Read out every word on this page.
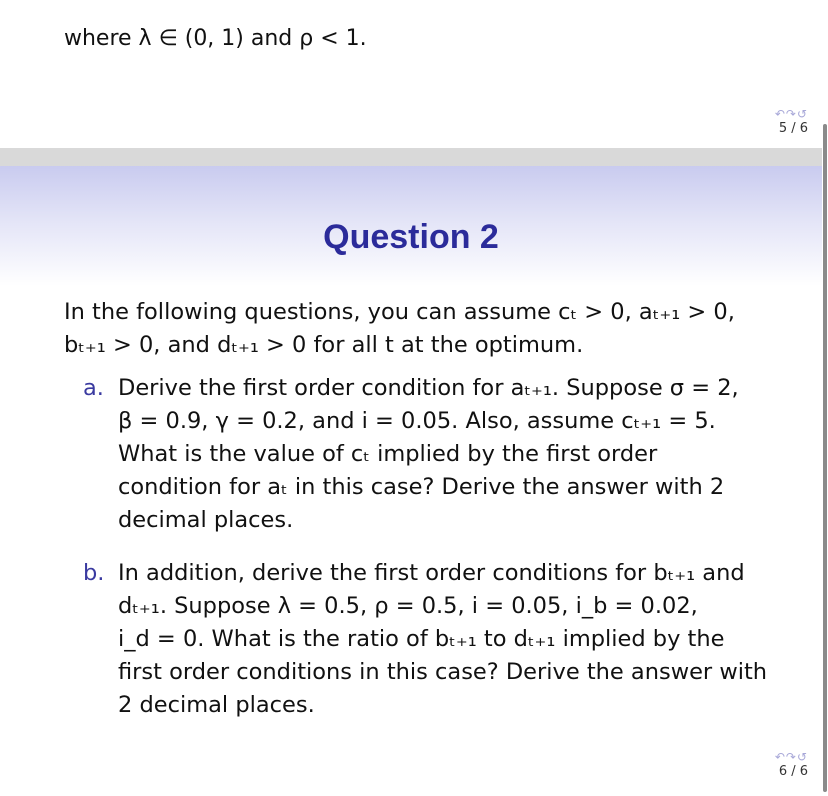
where λ ∈ (0, 1) and ρ < 1.
↶↷↺
5 / 6
Question 2
In the following questions, you can assume cₜ > 0, aₜ₊₁ > 0,
bₜ₊₁ > 0, and dₜ₊₁ > 0 for all t at the optimum.
a. Derive the first order condition for aₜ₊₁. Suppose σ = 2,
β = 0.9, γ = 0.2, and i = 0.05. Also, assume cₜ₊₁ = 5.
What is the value of cₜ implied by the first order
condition for aₜ in this case? Derive the answer with 2
decimal places.
b. In addition, derive the first order conditions for bₜ₊₁ and
dₜ₊₁. Suppose λ = 0.5, ρ = 0.5, i = 0.05, i_b = 0.02,
i_d = 0. What is the ratio of bₜ₊₁ to dₜ₊₁ implied by the
first order conditions in this case? Derive the answer with
2 decimal places.
↶↷↺
6 / 6
